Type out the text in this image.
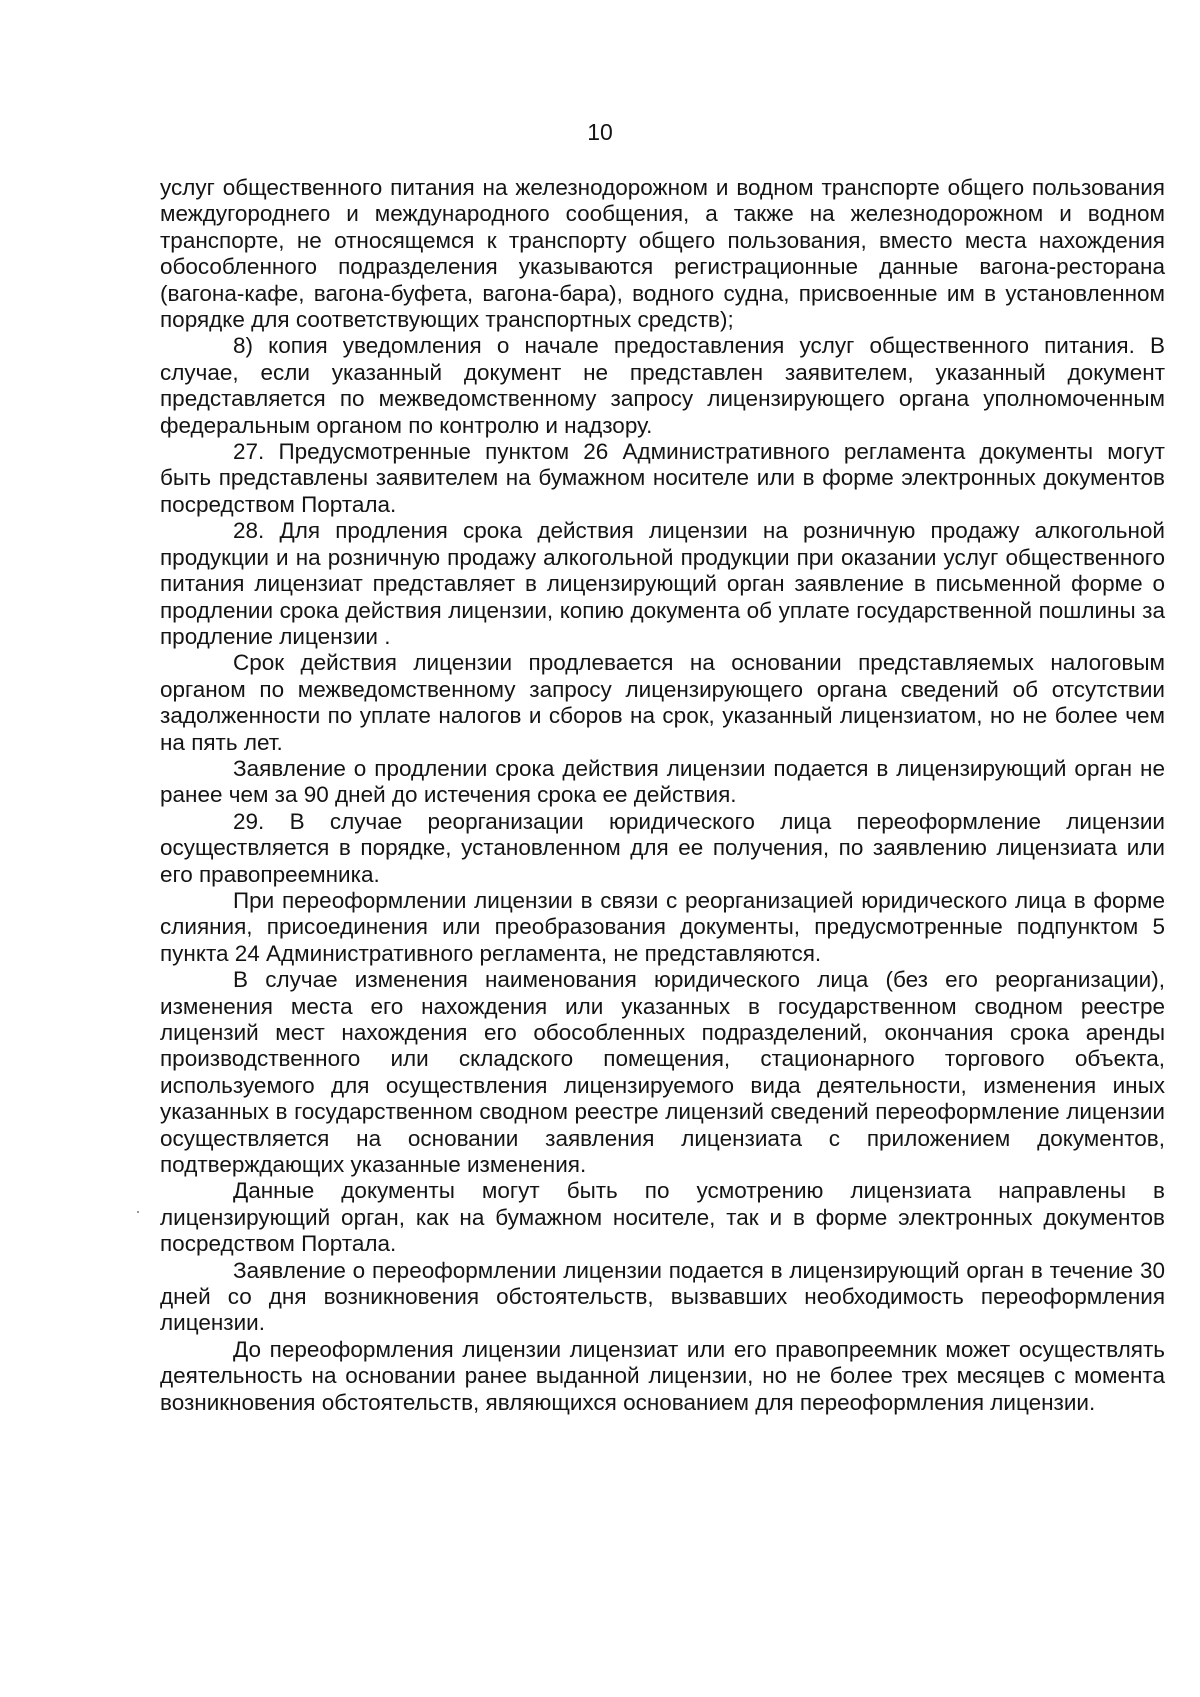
10

услуг общественного питания на железнодорожном и водном транспорте общего пользования междугороднего и международного сообщения, а также на железнодорожном и водном транспорте, не относящемся к транспорту общего пользования, вместо места нахождения обособленного подразделения указываются регистрационные данные вагона-ресторана (вагона-кафе, вагона-буфета, вагона-бара), водного судна, присвоенные им в установленном порядке для соответствующих транспортных средств);

8) копия уведомления о начале предоставления услуг общественного питания. В случае, если указанный документ не представлен заявителем, указанный документ представляется по межведомственному запросу лицензирующего органа уполномоченным федеральным органом по контролю и надзору.

27. Предусмотренные пунктом 26 Административного регламента документы могут быть представлены заявителем на бумажном носителе или в форме электронных документов посредством Портала.

28. Для продления срока действия лицензии на розничную продажу алкогольной продукции и на розничную продажу алкогольной продукции при оказании услуг общественного питания лицензиат представляет в лицензирующий орган заявление в письменной форме о продлении срока действия лицензии, копию документа об уплате государственной пошлины за продление лицензии .

Срок действия лицензии продлевается на основании представляемых налоговым органом по межведомственному запросу лицензирующего органа сведений об отсутствии задолженности по уплате налогов и сборов на срок, указанный лицензиатом, но не более чем на пять лет.

Заявление о продлении срока действия лицензии подается в лицензирующий орган не ранее чем за 90 дней до истечения срока ее действия.

29. В случае реорганизации юридического лица переоформление лицензии осуществляется в порядке, установленном для ее получения, по заявлению лицензиата или его правопреемника.

При переоформлении лицензии в связи с реорганизацией юридического лица в форме слияния, присоединения или преобразования документы, предусмотренные подпунктом 5 пункта 24 Административного регламента, не представляются.

В случае изменения наименования юридического лица (без его реорганизации), изменения места его нахождения или указанных в государственном сводном реестре лицензий мест нахождения его обособленных подразделений, окончания срока аренды производственного или складского помещения, стационарного торгового объекта, используемого для осуществления лицензируемого вида деятельности, изменения иных указанных в государственном сводном реестре лицензий сведений переоформление лицензии осуществляется на основании заявления лицензиата с приложением документов, подтверждающих указанные изменения.

Данные документы могут быть по усмотрению лицензиата направлены в лицензирующий орган, как на бумажном носителе, так и в форме электронных документов посредством Портала.

Заявление о переоформлении лицензии подается в лицензирующий орган в течение 30 дней со дня возникновения обстоятельств, вызвавших необходимость переоформления лицензии.

До переоформления лицензии лицензиат или его правопреемник может осуществлять деятельность на основании ранее выданной лицензии, но не более трех месяцев с момента возникновения обстоятельств, являющихся основанием для переоформления лицензии.
